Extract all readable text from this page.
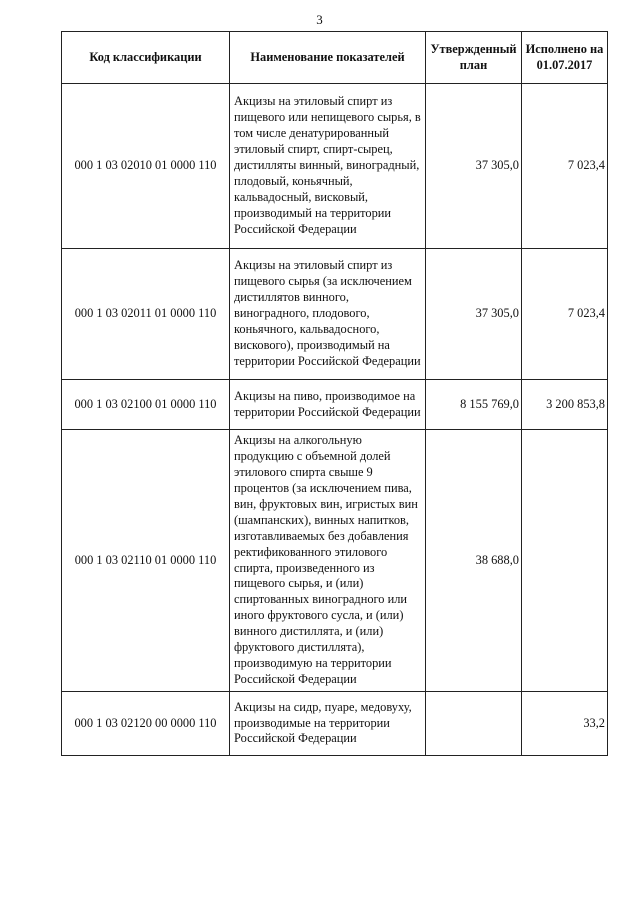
3
Код классификации	Наименование показателей	Утвержденный план	Исполнено на 01.07.2017
000 1 03 02010 01 0000 110	Акцизы на этиловый спирт из пищевого или непищевого сырья, в том числе денатурированный этиловый спирт, спирт-сырец, дистилляты винный, виноградный, плодовый, коньячный, кальвадосный, висковый, производимый на территории Российской Федерации	37 305,0	7 023,4
000 1 03 02011 01 0000 110	Акцизы на этиловый спирт из пищевого сырья (за исключением дистиллятов винного, виноградного, плодового, коньячного, кальвадосного, вискового), производимый на территории Российской Федерации	37 305,0	7 023,4
000 1 03 02100 01 0000 110	Акцизы на пиво, производимое на территории Российской Федерации	8 155 769,0	3 200 853,8
000 1 03 02110 01 0000 110	Акцизы на алкогольную продукцию с объемной долей этилового спирта свыше 9 процентов (за исключением пива, вин, фруктовых вин, игристых вин (шампанских), винных напитков, изготавливаемых без добавления ректификованного этилового спирта, произведенного из пищевого сырья, и (или) спиртованных виноградного или иного фруктового сусла, и (или) винного дистиллята, и (или) фруктового дистиллята), производимую на территории Российской Федерации	38 688,0	
000 1 03 02120 00 0000 110	Акцизы на сидр, пуаре, медовуху, производимые на территории Российской Федерации		33,2
